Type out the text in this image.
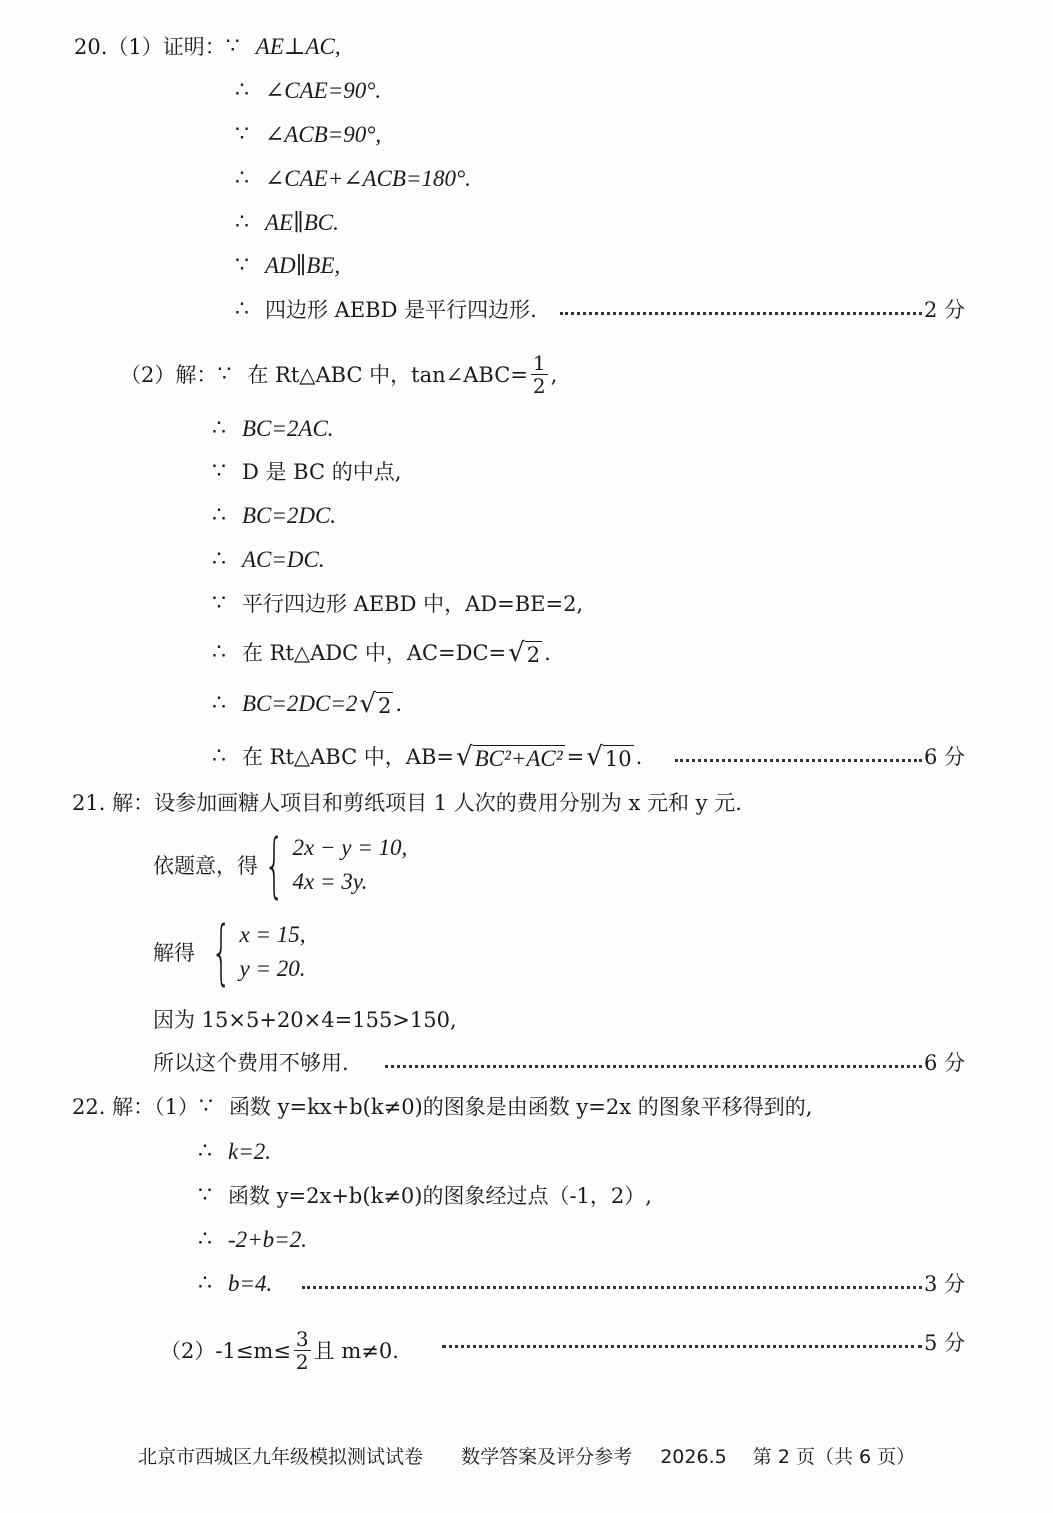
20.（1）证明： ∵ AE⊥AC,
∴ ∠CAE=90°.
∵ ∠ACB=90°,
∴ ∠CAE+∠ACB=180°.
∴ AE∥BC.
∵ AD∥BE,
∴ 四边形 AEBD 是平行四边形.	2 分
（2）解： ∵ 在 Rt△ABC 中，tan∠ABC= $\frac{1}{2}$ ,
∴ BC=2AC.
∵ D 是 BC 的中点,
∴ BC=2DC.
∴ AC=DC.
∵ 平行四边形 AEBD 中，AD=BE=2,
∴ 在 Rt△ADC 中，AC=DC= √ 2 .
∴ BC=2DC=2 √ 2 .
∴ 在 Rt△ABC 中，AB= √ BC²+AC² = √ 10 .	6 分
21. 解： 设参加画糖人项目和剪纸项目 1 人次的费用分别为 x 元和 y 元.
依题意，得 { 2x − y = 10,
4x = 3y.
解得 { x = 15,
y = 20.
因为 15×5+20×4=155>150,
所以这个费用不够用.	6 分
22. 解：（1） ∵ 函数 y=kx+b(k≠0)的图象是由函数 y=2x 的图象平移得到的,
∴ k=2.
∵ 函数 y=2x+b(k≠0)的图象经过点（-1，2）,
∴ -2+b=2.
∴ b=4.	3 分
$(2)-1\le m\le \frac{3}{2}$ 且 m≠0.	5 分
北京市西城区九年级模拟测试试卷 数学答案及评分参考 2026.5 第 2 页（共 6 页）
